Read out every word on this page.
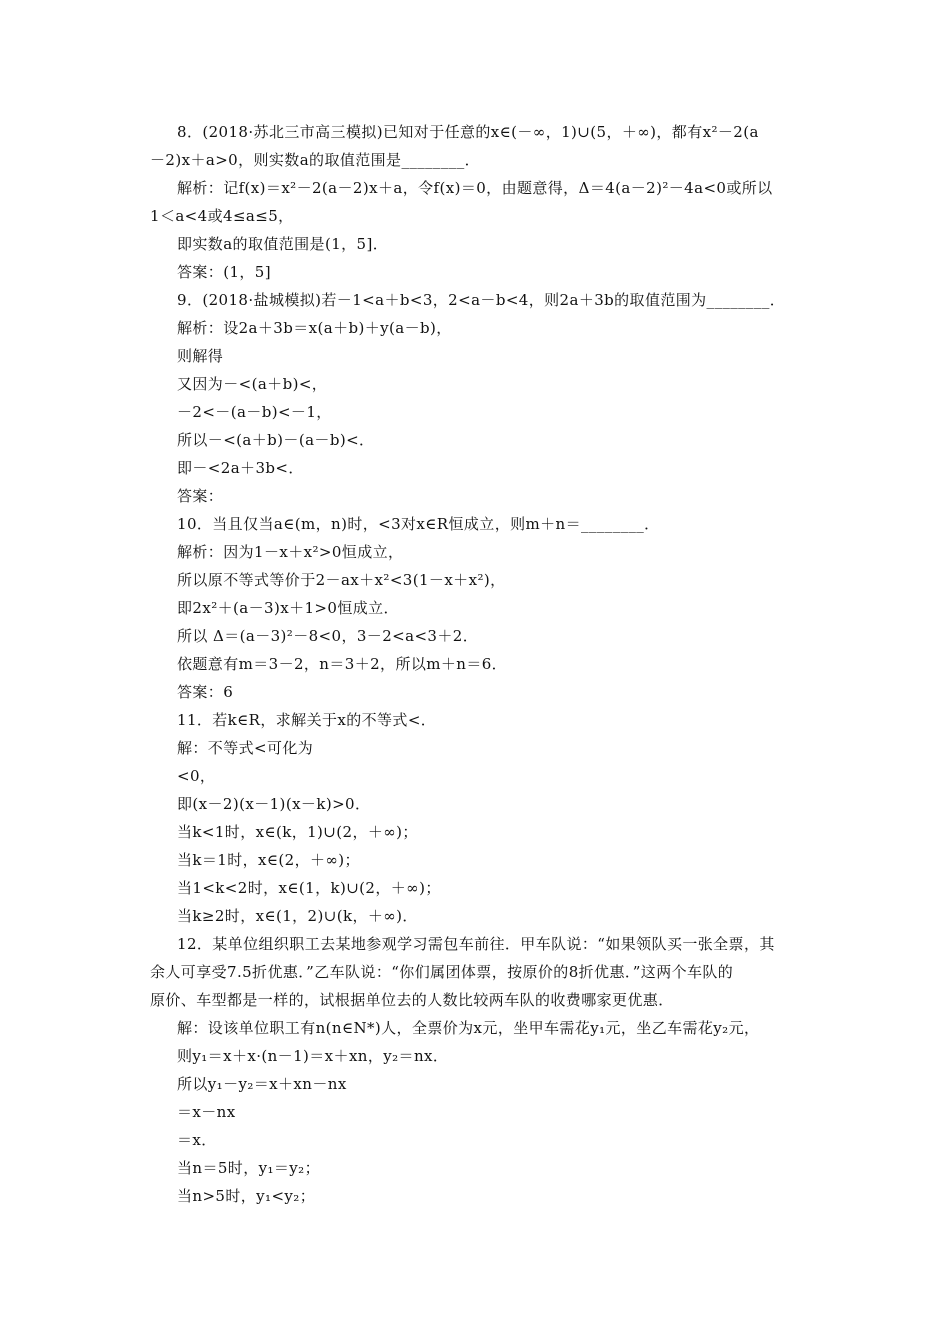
8．(2018·苏北三市高三模拟)已知对于任意的x∈(－∞，1)∪(5，＋∞)，都有x²－2(a
－2)x＋a>0，则实数a的取值范围是________．
解析：记f(x)＝x²－2(a－2)x＋a，令f(x)＝0，由题意得，Δ＝4(a－2)²－4a<0或所以
1＜a<4或4≤a≤5，
即实数a的取值范围是(1，5]．
答案：(1，5]
9．(2018·盐城模拟)若－1<a＋b<3，2<a－b<4，则2a＋3b的取值范围为________．
解析：设2a＋3b＝x(a＋b)＋y(a－b)，
则解得
又因为－<(a＋b)<，
－2<－(a－b)<－1，
所以－<(a＋b)－(a－b)<．
即－<2a＋3b<．
答案：
10．当且仅当a∈(m，n)时，<3对x∈R恒成立，则m＋n＝________．
解析：因为1－x＋x²>0恒成立，
所以原不等式等价于2－ax＋x²<3(1－x＋x²)，
即2x²＋(a－3)x＋1>0恒成立．
所以 Δ＝(a－3)²－8<0，3－2<a<3＋2．
依题意有m＝3－2，n＝3＋2，所以m＋n＝6．
答案：6
11．若k∈R，求解关于x的不等式<．
解：不等式<可化为
<0，
即(x－2)(x－1)(x－k)>0．
当k<1时，x∈(k，1)∪(2，＋∞)；
当k＝1时，x∈(2，＋∞)；
当1<k<2时，x∈(1，k)∪(2，＋∞)；
当k≥2时，x∈(1，2)∪(k，＋∞)．
12．某单位组织职工去某地参观学习需包车前往．甲车队说：“如果领队买一张全票，其
余人可享受7.5折优惠．”乙车队说：“你们属团体票，按原价的8折优惠．”这两个车队的
原价、车型都是一样的，试根据单位去的人数比较两车队的收费哪家更优惠．
解：设该单位职工有n(n∈N*)人，全票价为x元，坐甲车需花y₁元，坐乙车需花y₂元，
则y₁＝x＋x·(n－1)＝x＋xn，y₂＝nx．
所以y₁－y₂＝x＋xn－nx
＝x－nx
＝x．
当n＝5时，y₁＝y₂；
当n>5时，y₁<y₂；
